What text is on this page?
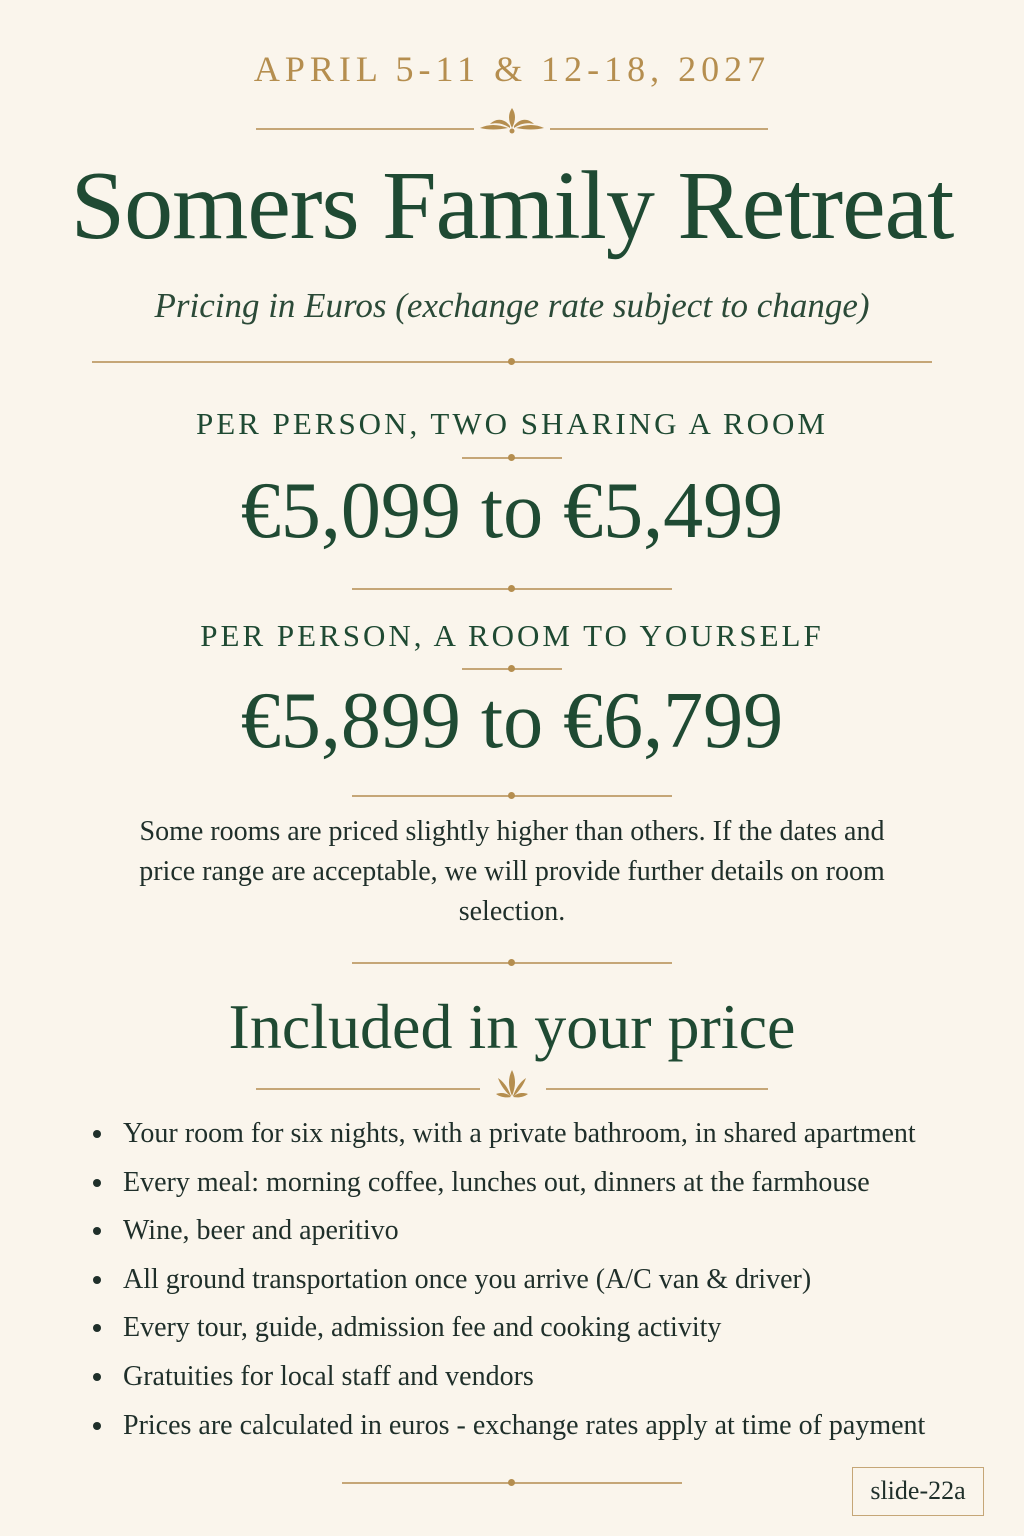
APRIL 5-11 & 12-18, 2027
Somers Family Retreat
Pricing in Euros (exchange rate subject to change)
PER PERSON, TWO SHARING A ROOM
€5,099 to €5,499
PER PERSON, A ROOM TO YOURSELF
€5,899 to €6,799
Some rooms are priced slightly higher than others. If the dates and price range are acceptable, we will provide further details on room selection.
Included in your price
Your room for six nights, with a private bathroom, in shared apartment
Every meal: morning coffee, lunches out, dinners at the farmhouse
Wine, beer and aperitivo
All ground transportation once you arrive (A/C van & driver)
Every tour, guide, admission fee and cooking activity
Gratuities for local staff and vendors
Prices are calculated in euros - exchange rates apply at time of payment
slide-22a
